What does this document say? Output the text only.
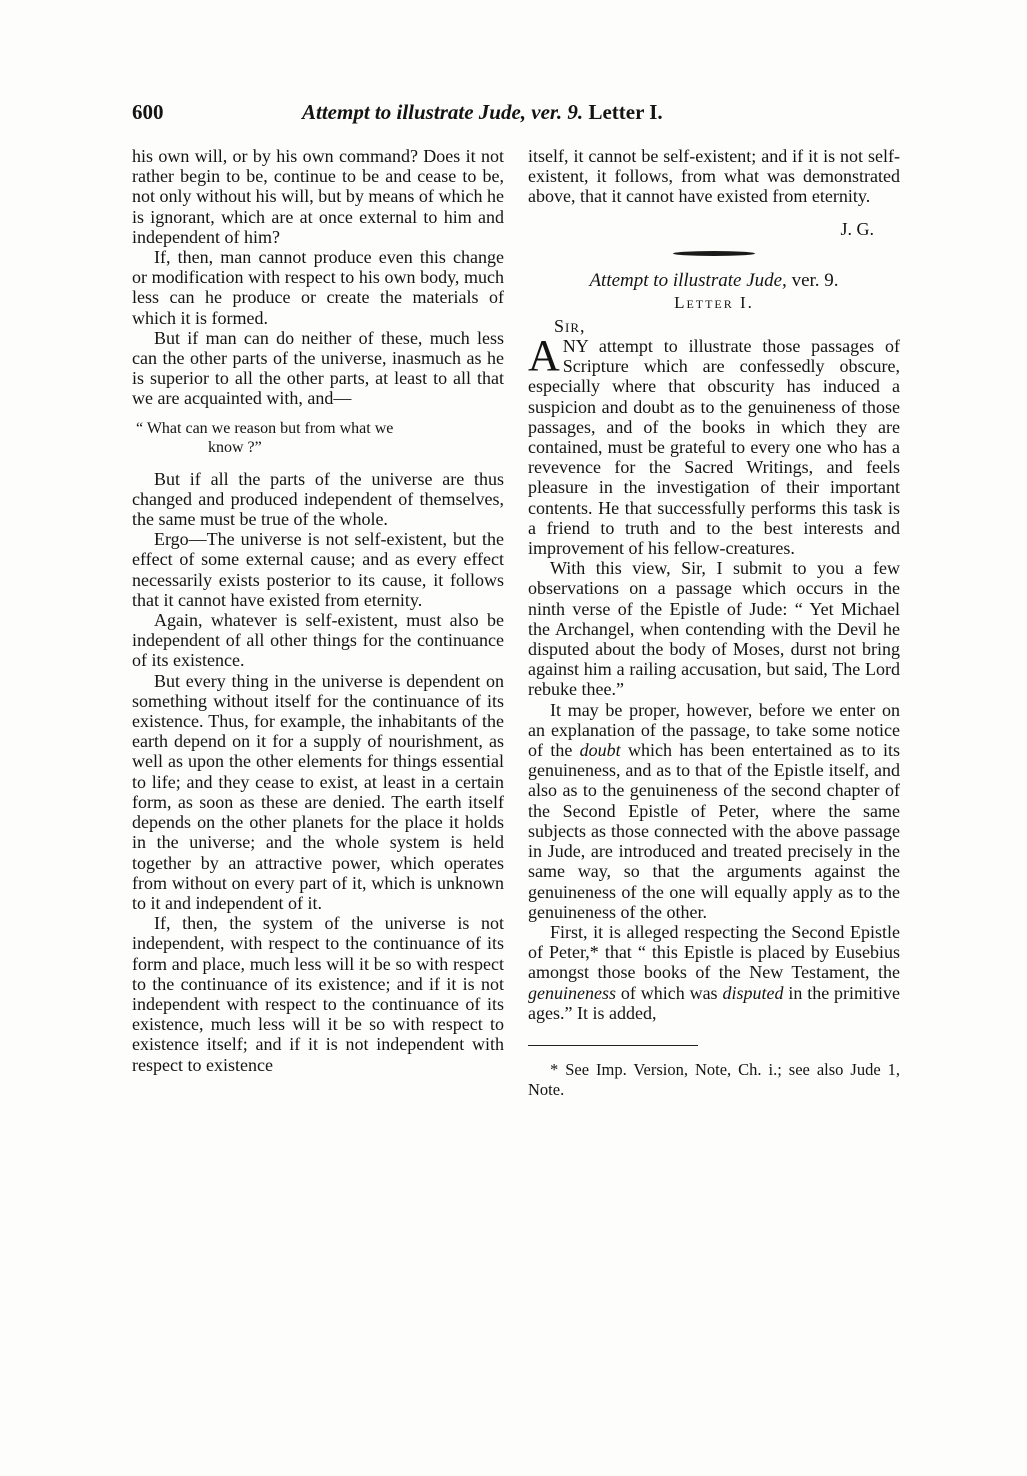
600	Attempt to illustrate Jude, ver. 9. Letter I.

his own will, or by his own command? Does it not rather begin to be, continue to be and cease to be, not only without his will, but by means of which he is ignorant, which are at once external to him and independent of him?

If, then, man cannot produce even this change or modification with respect to his own body, much less can he produce or create the materials of which it is formed.

But if man can do neither of these, much less can the other parts of the universe, inasmuch as he is superior to all the other parts, at least to all that we are acquainted with, and—

“ What can we reason but from what we
know ?”

But if all the parts of the universe are thus changed and produced independent of themselves, the same must be true of the whole.

Ergo—The universe is not self-existent, but the effect of some external cause; and as every effect necessarily exists posterior to its cause, it follows that it cannot have existed from eternity.

Again, whatever is self-existent, must also be independent of all other things for the continuance of its existence.

But every thing in the universe is dependent on something without itself for the continuance of its existence. Thus, for example, the inhabitants of the earth depend on it for a supply of nourishment, as well as upon the other elements for things essential to life; and they cease to exist, at least in a certain form, as soon as these are denied. The earth itself depends on the other planets for the place it holds in the universe; and the whole system is held together by an attractive power, which operates from without on every part of it, which is unknown to it and independent of it.

If, then, the system of the universe is not independent, with respect to the continuance of its form and place, much less will it be so with respect to the continuance of its existence; and if it is not independent with respect to the continuance of its existence, much less will it be so with respect to existence itself; and if it is not independent with respect to existence

itself, it cannot be self-existent; and if it is not self-existent, it follows, from what was demonstrated above, that it cannot have existed from eternity.

J. G.

Attempt to illustrate Jude, ver. 9.

Letter I.

Sir,

ANY attempt to illustrate those passages of Scripture which are confessedly obscure, especially where that obscurity has induced a suspicion and doubt as to the genuineness of those passages, and of the books in which they are contained, must be grateful to every one who has a revevence for the Sacred Writings, and feels pleasure in the investigation of their important contents. He that successfully performs this task is a friend to truth and to the best interests and improvement of his fellow-creatures.

With this view, Sir, I submit to you a few observations on a passage which occurs in the ninth verse of the Epistle of Jude: “ Yet Michael the Archangel, when contending with the Devil he disputed about the body of Moses, durst not bring against him a railing accusation, but said, The Lord rebuke thee.”

It may be proper, however, before we enter on an explanation of the passage, to take some notice of the doubt which has been entertained as to its genuineness, and as to that of the Epistle itself, and also as to the genuineness of the second chapter of the Second Epistle of Peter, where the same subjects as those connected with the above passage in Jude, are introduced and treated precisely in the same way, so that the arguments against the genuineness of the one will equally apply as to the genuineness of the other.

First, it is alleged respecting the Second Epistle of Peter,* that “ this Epistle is placed by Eusebius amongst those books of the New Testament, the genuineness of which was disputed in the primitive ages.” It is added,

* See Imp. Version, Note, Ch. i.; see also Jude 1, Note.
